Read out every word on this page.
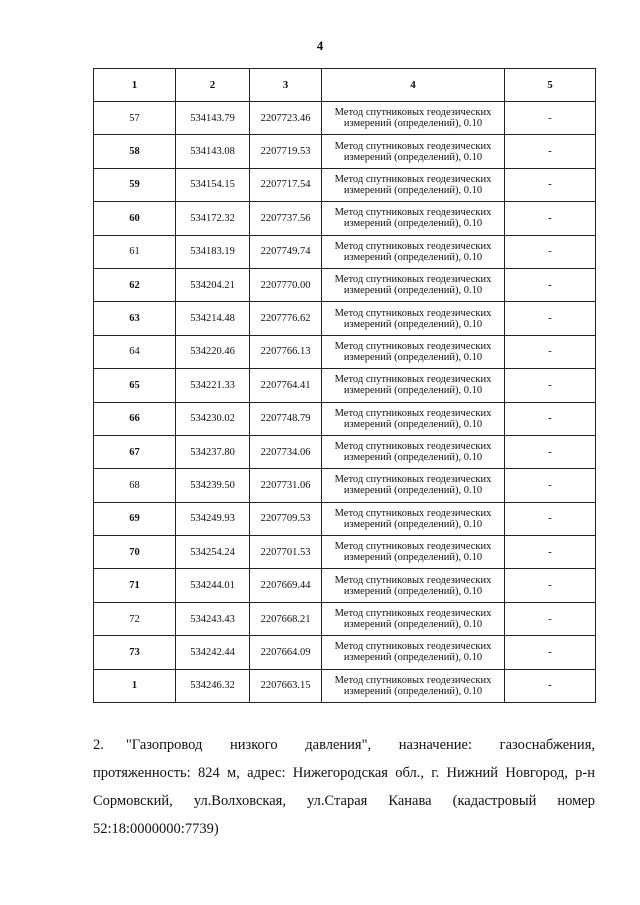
4
1	2	3	4	5
57	534143.79	2207723.46	Метод спутниковых геодезических измерений (определений), 0.10	-
58	534143.08	2207719.53	Метод спутниковых геодезических измерений (определений), 0.10	-
59	534154.15	2207717.54	Метод спутниковых геодезических измерений (определений), 0.10	-
60	534172.32	2207737.56	Метод спутниковых геодезических измерений (определений), 0.10	-
61	534183.19	2207749.74	Метод спутниковых геодезических измерений (определений), 0.10	-
62	534204.21	2207770.00	Метод спутниковых геодезических измерений (определений), 0.10	-
63	534214.48	2207776.62	Метод спутниковых геодезических измерений (определений), 0.10	-
64	534220.46	2207766.13	Метод спутниковых геодезических измерений (определений), 0.10	-
65	534221.33	2207764.41	Метод спутниковых геодезических измерений (определений), 0.10	-
66	534230.02	2207748.79	Метод спутниковых геодезических измерений (определений), 0.10	-
67	534237.80	2207734.06	Метод спутниковых геодезических измерений (определений), 0.10	-
68	534239.50	2207731.06	Метод спутниковых геодезических измерений (определений), 0.10	-
69	534249.93	2207709.53	Метод спутниковых геодезических измерений (определений), 0.10	-
70	534254.24	2207701.53	Метод спутниковых геодезических измерений (определений), 0.10	-
71	534244.01	2207669.44	Метод спутниковых геодезических измерений (определений), 0.10	-
72	534243.43	2207668.21	Метод спутниковых геодезических измерений (определений), 0.10	-
73	534242.44	2207664.09	Метод спутниковых геодезических измерений (определений), 0.10	-
1	534246.32	2207663.15	Метод спутниковых геодезических измерений (определений), 0.10	-
2. "Газопровод низкого давления", назначение: газоснабжения, протяженность: 824 м, адрес: Нижегородская обл., г. Нижний Новгород, р-н Сормовский, ул.Волховская, ул.Старая Канава (кадастровый номер 52:18:0000000:7739)
